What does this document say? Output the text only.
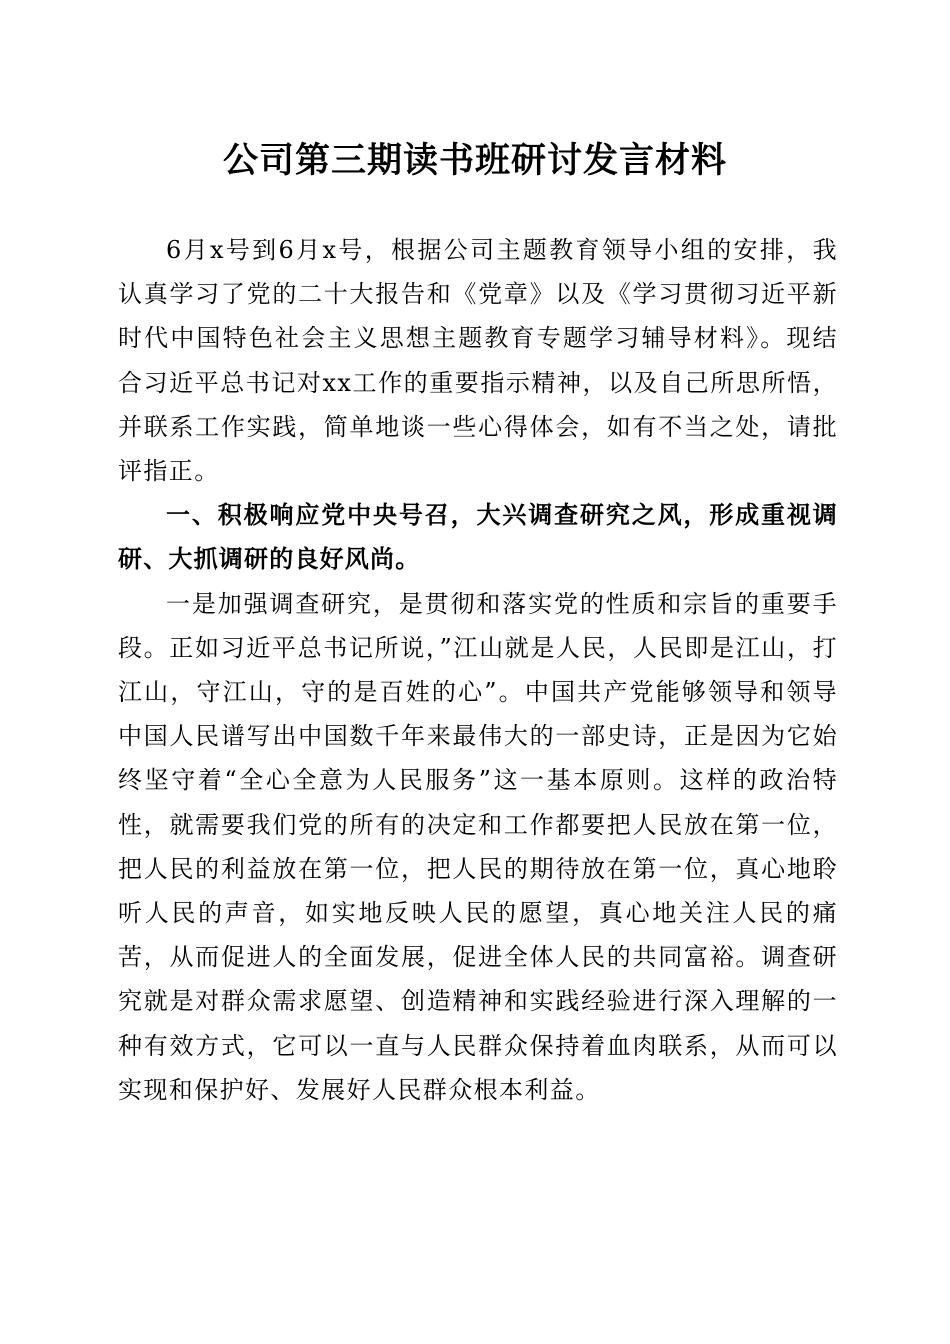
公司第三期读书班研讨发言材料

6月x号到6月x号，根据公司主题教育领导小组的安排，我认真学习了党的二十大报告和《党章》以及《学习贯彻习近平新时代中国特色社会主义思想主题教育专题学习辅导材料》。现结合习近平总书记对xx工作的重要指示精神，以及自己所思所悟，并联系工作实践，简单地谈一些心得体会，如有不当之处，请批评指正。

一、积极响应党中央号召，大兴调查研究之风，形成重视调研、大抓调研的良好风尚。

一是加强调查研究，是贯彻和落实党的性质和宗旨的重要手段。正如习近平总书记所说，”江山就是人民，人民即是江山，打江山，守江山，守的是百姓的心”。中国共产党能够领导和领导中国人民谱写出中国数千年来最伟大的一部史诗，正是因为它始终坚守着“全心全意为人民服务”这一基本原则。这样的政治特性，就需要我们党的所有的决定和工作都要把人民放在第一位，把人民的利益放在第一位，把人民的期待放在第一位，真心地聆听人民的声音，如实地反映人民的愿望，真心地关注人民的痛苦，从而促进人的全面发展，促进全体人民的共同富裕。调查研究就是对群众需求愿望、创造精神和实践经验进行深入理解的一种有效方式，它可以一直与人民群众保持着血肉联系，从而可以实现和保护好、发展好人民群众根本利益。
